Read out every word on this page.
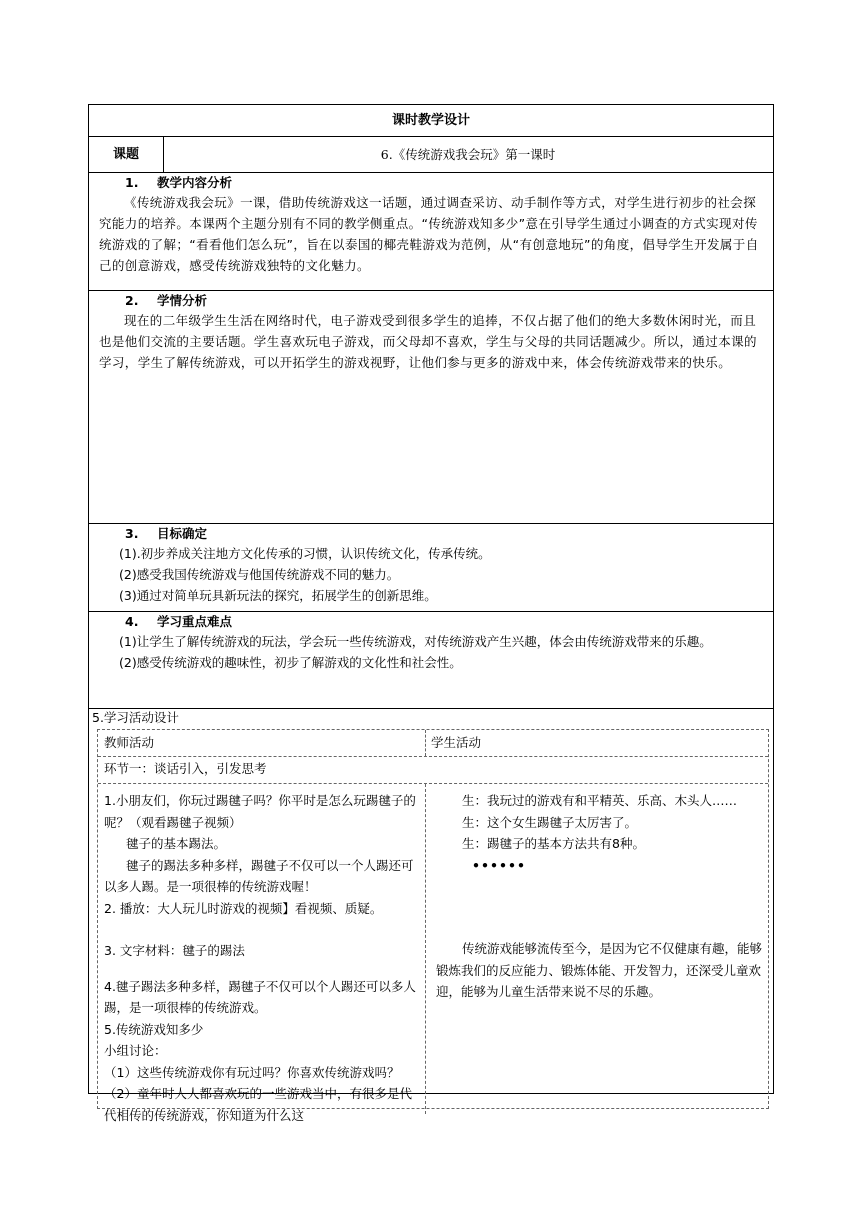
课时教学设计
课题	6.《传统游戏我会玩》第一课时
1. 教学内容分析
《传统游戏我会玩》一课，借助传统游戏这一话题，通过调查采访、动手制作等方式，对学生进行初步的社会探究能力的培养。本课两个主题分别有不同的教学侧重点。“传统游戏知多少”意在引导学生通过小调查的方式实现对传统游戏的了解；“看看他们怎么玩”，旨在以泰国的椰壳鞋游戏为范例，从“有创意地玩”的角度，倡导学生开发属于自己的创意游戏，感受传统游戏独特的文化魅力。
2. 学情分析
现在的二年级学生生活在网络时代，电子游戏受到很多学生的追捧，不仅占据了他们的绝大多数休闲时光，而且也是他们交流的主要话题。学生喜欢玩电子游戏，而父母却不喜欢，学生与父母的共同话题减少。所以，通过本课的学习，学生了解传统游戏，可以开拓学生的游戏视野，让他们参与更多的游戏中来，体会传统游戏带来的快乐。
3. 目标确定
(1).初步养成关注地方文化传承的习惯，认识传统文化，传承传统。
(2)感受我国传统游戏与他国传统游戏不同的魅力。
(3)通过对简单玩具新玩法的探究，拓展学生的创新思维。
4. 学习重点难点
(1)让学生了解传统游戏的玩法，学会玩一些传统游戏，对传统游戏产生兴趣，体会由传统游戏带来的乐趣。
(2)感受传统游戏的趣味性，初步了解游戏的文化性和社会性。
5.学习活动设计
教师活动	学生活动
环节一：谈话引入，引发思考

1.小朋友们，你玩过踢毽子吗？你平时是怎么玩踢毽子的呢？（观看踢毽子视频）

毽子的基本踢法。

毽子的踢法多种多样，踢毽子不仅可以一个人踢还可以多人踢。是一项很棒的传统游戏喔！

2. 播放：大人玩儿时游戏的视频】看视频、质疑。

3. 文字材料：毽子的踢法

4.毽子踢法多种多样，踢毽子不仅可以个人踢还可以多人踢，是一项很棒的传统游戏。

5.传统游戏知多少

小组讨论：

（1）这些传统游戏你有玩过吗？你喜欢传统游戏吗？

（2）童年时人人都喜欢玩的一些游戏当中，有很多是代代相传的传统游戏，你知道为什么这

生：我玩过的游戏有和平精英、乐高、木头人……

生：这个女生踢毽子太厉害了。

生：踢毽子的基本方法共有8种。

••••••

传统游戏能够流传至今，是因为它不仅健康有趣，能够锻炼我们的反应能力、锻炼体能、开发智力，还深受儿童欢迎，能够为儿童生活带来说不尽的乐趣。
